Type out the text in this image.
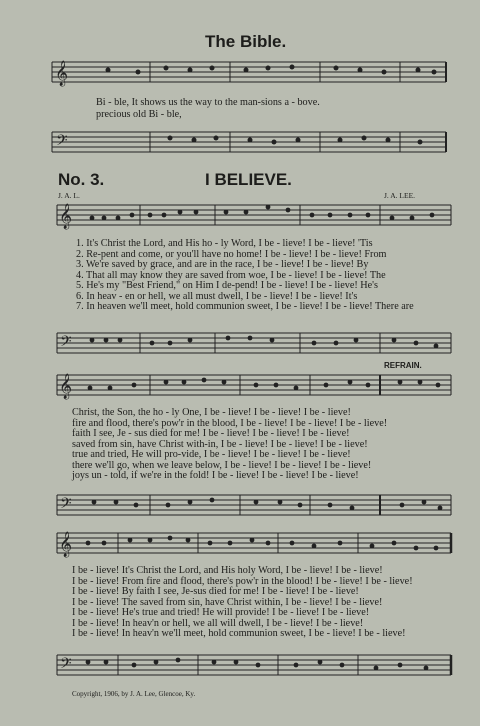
The Bible.
𝄞
Bi - ble, It shows us the way to the man-sions a - bove.
precious old Bi - ble,
𝄢
No. 3.	I BELIEVE.
J. A. L.	J. A. LEE.
𝄞
1. It's Christ the Lord, and His ho - ly Word, I be - lieve! I be - lieve! 'Tis
2. Re-pent and come, or you'll have no home! I be - lieve! I be - lieve! From
3. We're saved by grace, and are in the race, I be - lieve! I be - lieve! By
4. That all may know they are saved from woe, I be - lieve! I be - lieve! The
5. He's my "Best Friend," on Him I de-pend! I be - lieve! I be - lieve! He's
6. In heav - en or hell, we all must dwell, I be - lieve! I be - lieve! It's
7. In heaven we'll meet, hold communion sweet, I be - lieve! I be - lieve! There are
𝄢
REFRAIN.
𝄞
Christ, the Son, the ho - ly One, I be - lieve! I be - lieve! I be - lieve!
fire and flood, there's pow'r in the blood, I be - lieve! I be - lieve! I be - lieve!
faith I see, Je - sus died for me! I be - lieve! I be - lieve! I be - lieve!
saved from sin, have Christ with-in, I be - lieve! I be - lieve! I be - lieve!
true and tried, He will pro-vide, I be - lieve! I be - lieve! I be - lieve!
there we'll go, when we leave below, I be - lieve! I be - lieve! I be - lieve!
joys un - told, if we're in the fold! I be - lieve! I be - lieve! I be - lieve!
𝄢
𝄞
I be - lieve! It's Christ the Lord, and His holy Word, I be - lieve! I be - lieve!
I be - lieve! From fire and flood, there's pow'r in the blood! I be - lieve! I be - lieve!
I be - lieve! By faith I see, Je-sus died for me! I be - lieve! I be - lieve!
I be - lieve! The saved from sin, have Christ within, I be - lieve! I be - lieve!
I be - lieve! He's true and tried! He will provide! I be - lieve! I be - lieve!
I be - lieve! In heav'n or hell, we all will dwell, I be - lieve! I be - lieve!
I be - lieve! In heav'n we'll meet, hold communion sweet, I be - lieve! I be - lieve!
𝄢
Copyright, 1906, by J. A. Lee, Glencoe, Ky.
